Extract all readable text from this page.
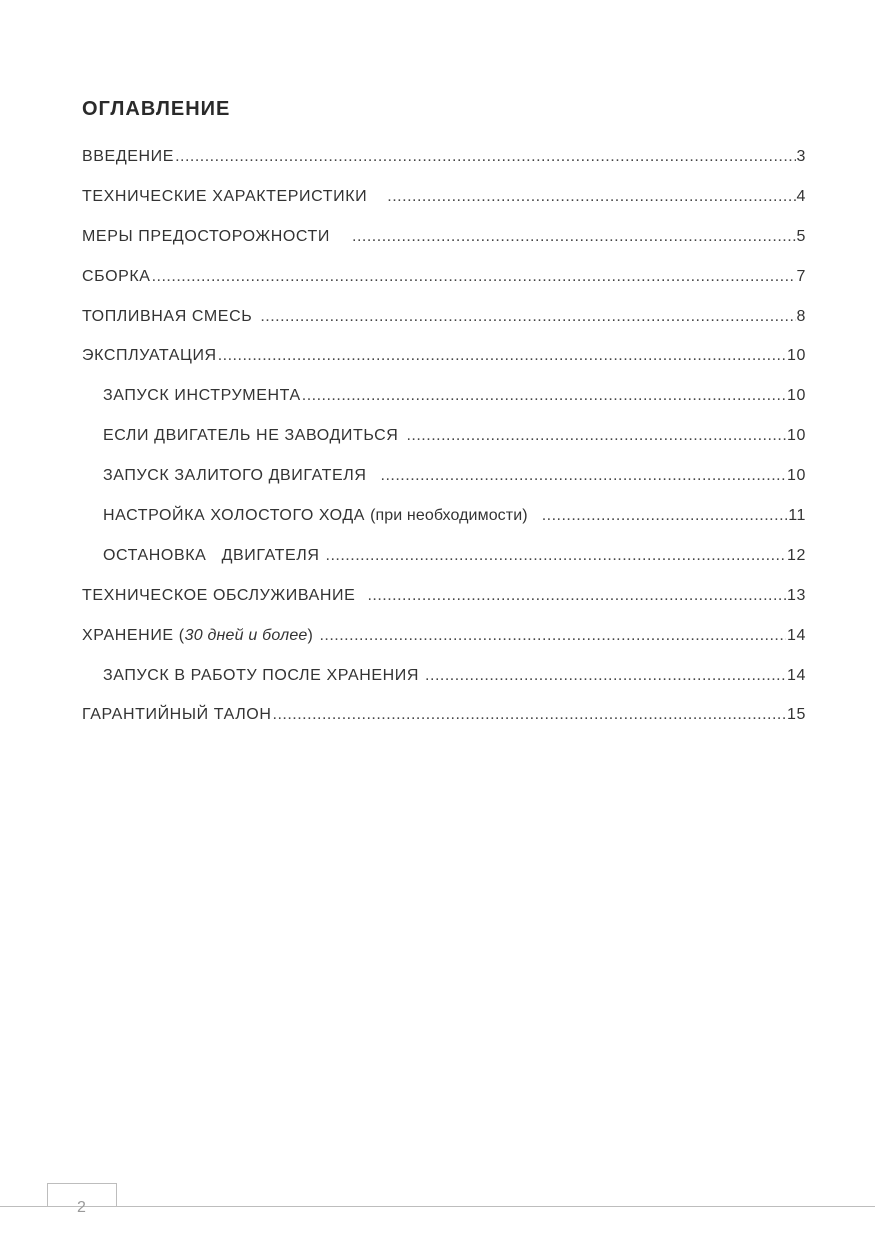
ОГЛАВЛЕНИЕ
ВВЕДЕНИЕ .....	3
ТЕХНИЧЕСКИЕ ХАРАКТЕРИСТИКИ .....	4
МЕРЫ ПРЕДОСТОРОЖНОСТИ .....	5
СБОРКА .....	7
ТОПЛИВНАЯ СМЕСЬ .....	8
ЭКСПЛУАТАЦИЯ .....	10
ЗАПУСК ИНСТРУМЕНТА .....	10
ЕСЛИ ДВИГАТЕЛЬ НЕ ЗАВОДИТЬСЯ .....	10
ЗАПУСК ЗАЛИТОГО ДВИГАТЕЛЯ .....	10
НАСТРОЙКА ХОЛОСТОГО ХОДА (при необходимости) .....	11
ОСТАНОВКА   ДВИГАТЕЛЯ .....	12
ТЕХНИЧЕСКОЕ ОБСЛУЖИВАНИЕ .....	13
ХРАНЕНИЕ (30 дней и более) .....	14
ЗАПУСК В РАБОТУ ПОСЛЕ ХРАНЕНИЯ .....	14
ГАРАНТИЙНЫЙ ТАЛОН .....	15
2
